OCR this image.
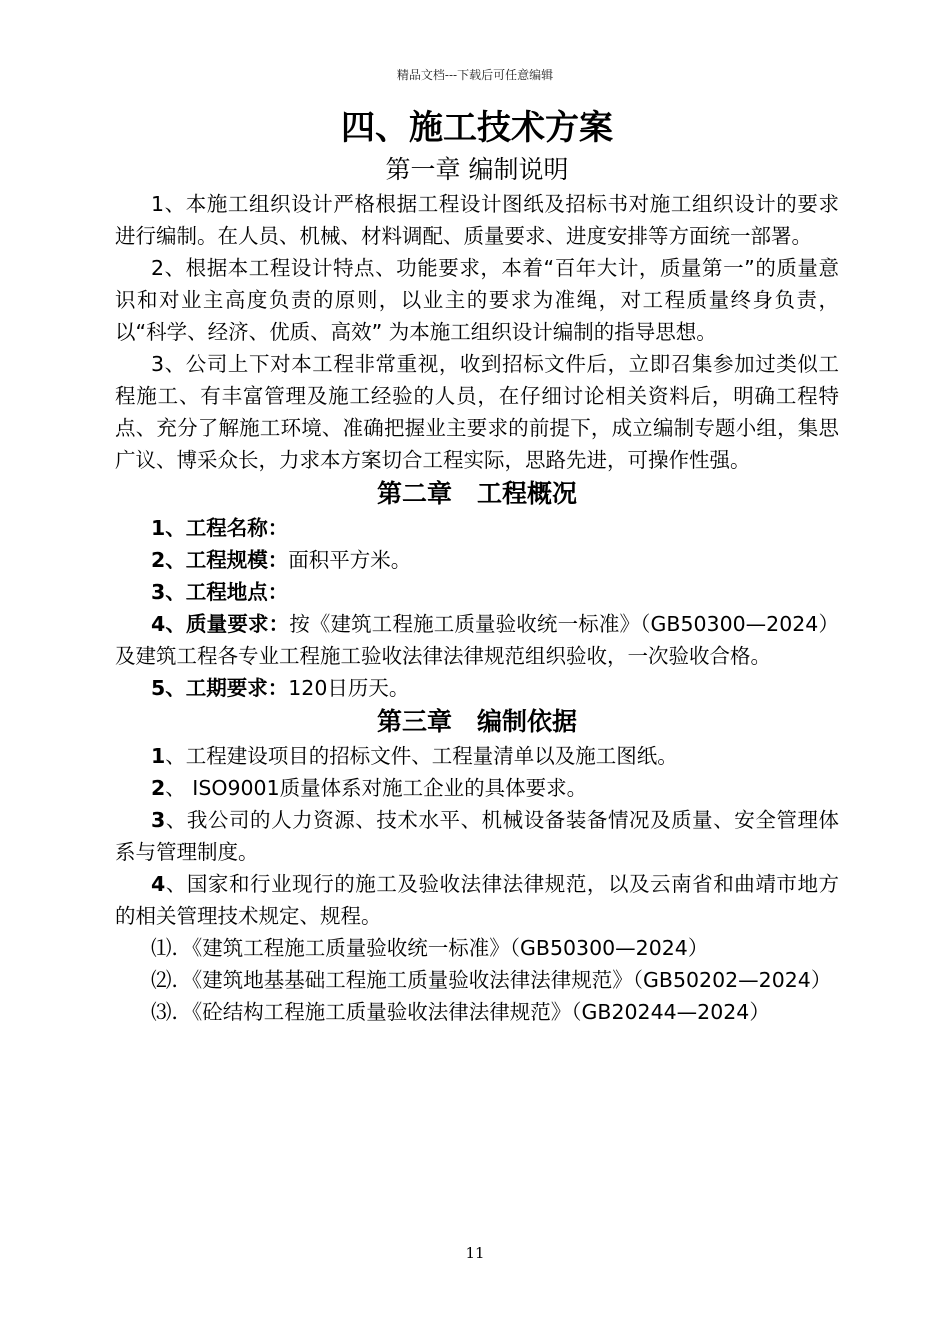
精品文档---下载后可任意编辑
四、施工技术方案
第一章 编制说明

1、本施工组织设计严格根据工程设计图纸及招标书对施工组织设计的要求进行编制。在人员、机械、材料调配、质量要求、进度安排等方面统一部署。

2、根据本工程设计特点、功能要求，本着“百年大计，质量第一”的质量意识和对业主高度负责的原则，以业主的要求为准绳，对工程质量终身负责，以“科学、经济、优质、高效” 为本施工组织设计编制的指导思想。

3、公司上下对本工程非常重视，收到招标文件后，立即召集参加过类似工程施工、有丰富管理及施工经验的人员，在仔细讨论相关资料后，明确工程特点、充分了解施工环境、准确把握业主要求的前提下，成立编制专题小组，集思广议、博采众长，力求本方案切合工程实际，思路先进，可操作性强。

第二章　工程概况

1、工程名称：

2、工程规模：面积平方米。

3、工程地点：

4、质量要求：按《建筑工程施工质量验收统一标准》（GB50300—2024）及建筑工程各专业工程施工验收法律法律规范组织验收，一次验收合格。

5、工期要求：120日历天。

第三章　编制依据

1、工程建设项目的招标文件、工程量清单以及施工图纸。

2、 ISO9001质量体系对施工企业的具体要求。

3、我公司的人力资源、技术水平、机械设备装备情况及质量、安全管理体系与管理制度。

4、国家和行业现行的施工及验收法律法律规范，以及云南省和曲靖市地方的相关管理技术规定、规程。

⑴．《建筑工程施工质量验收统一标准》（GB50300—2024）

⑵．《建筑地基基础工程施工质量验收法律法律规范》（GB50202—2024）

⑶．《砼结构工程施工质量验收法律法律规范》（GB20244—2024）

11
